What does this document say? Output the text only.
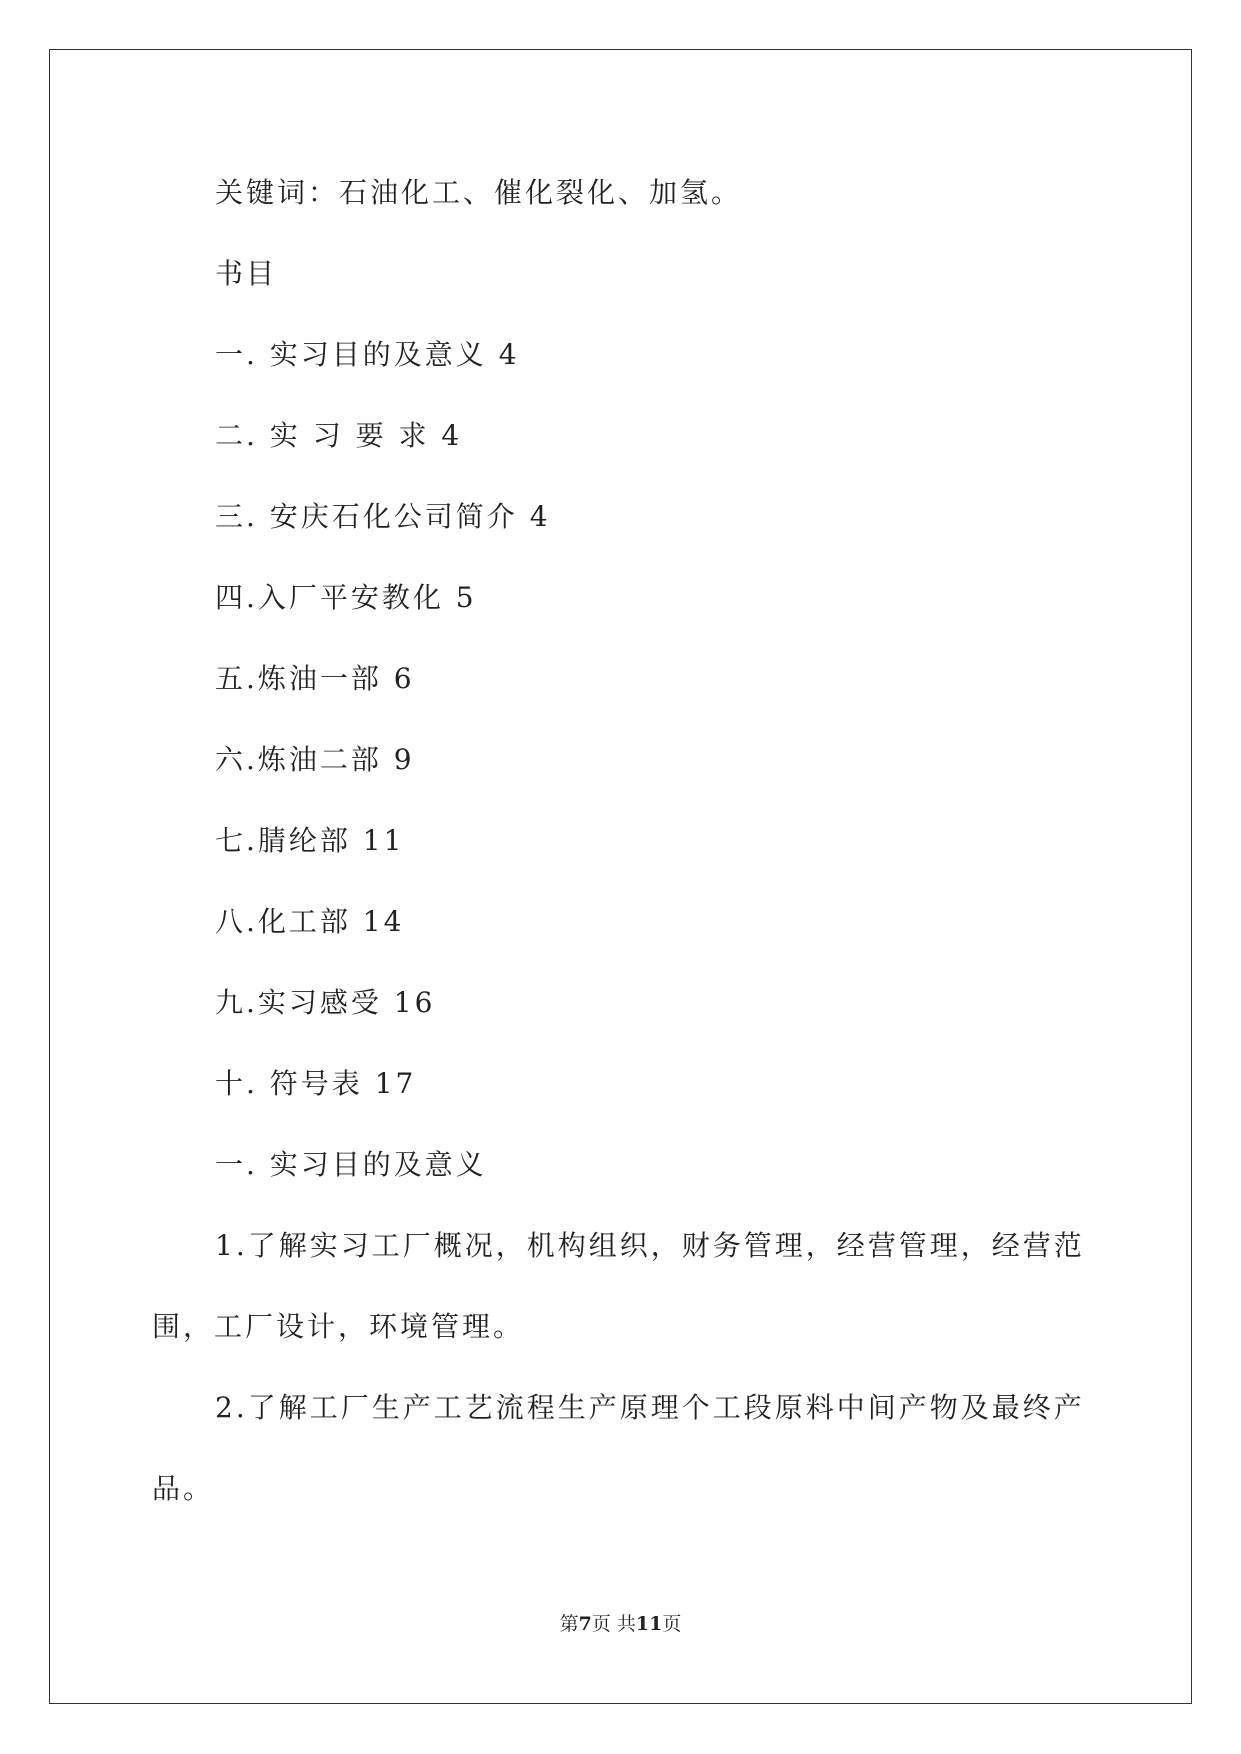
关键词：石油化工、催化裂化、加氢。
书目
一. 实习目的及意义 4
二. 实 习 要 求 4
三. 安庆石化公司简介 4
四.入厂平安教化 5
五.炼油一部 6
六.炼油二部 9
七.腈纶部 11
八.化工部 14
九.实习感受 16
十. 符号表 17
一. 实习目的及意义
1.了解实习工厂概况，机构组织，财务管理，经营管理，经营范
围，工厂设计，环境管理。
2.了解工厂生产工艺流程生产原理个工段原料中间产物及最终产
品。
第7页 共11页
